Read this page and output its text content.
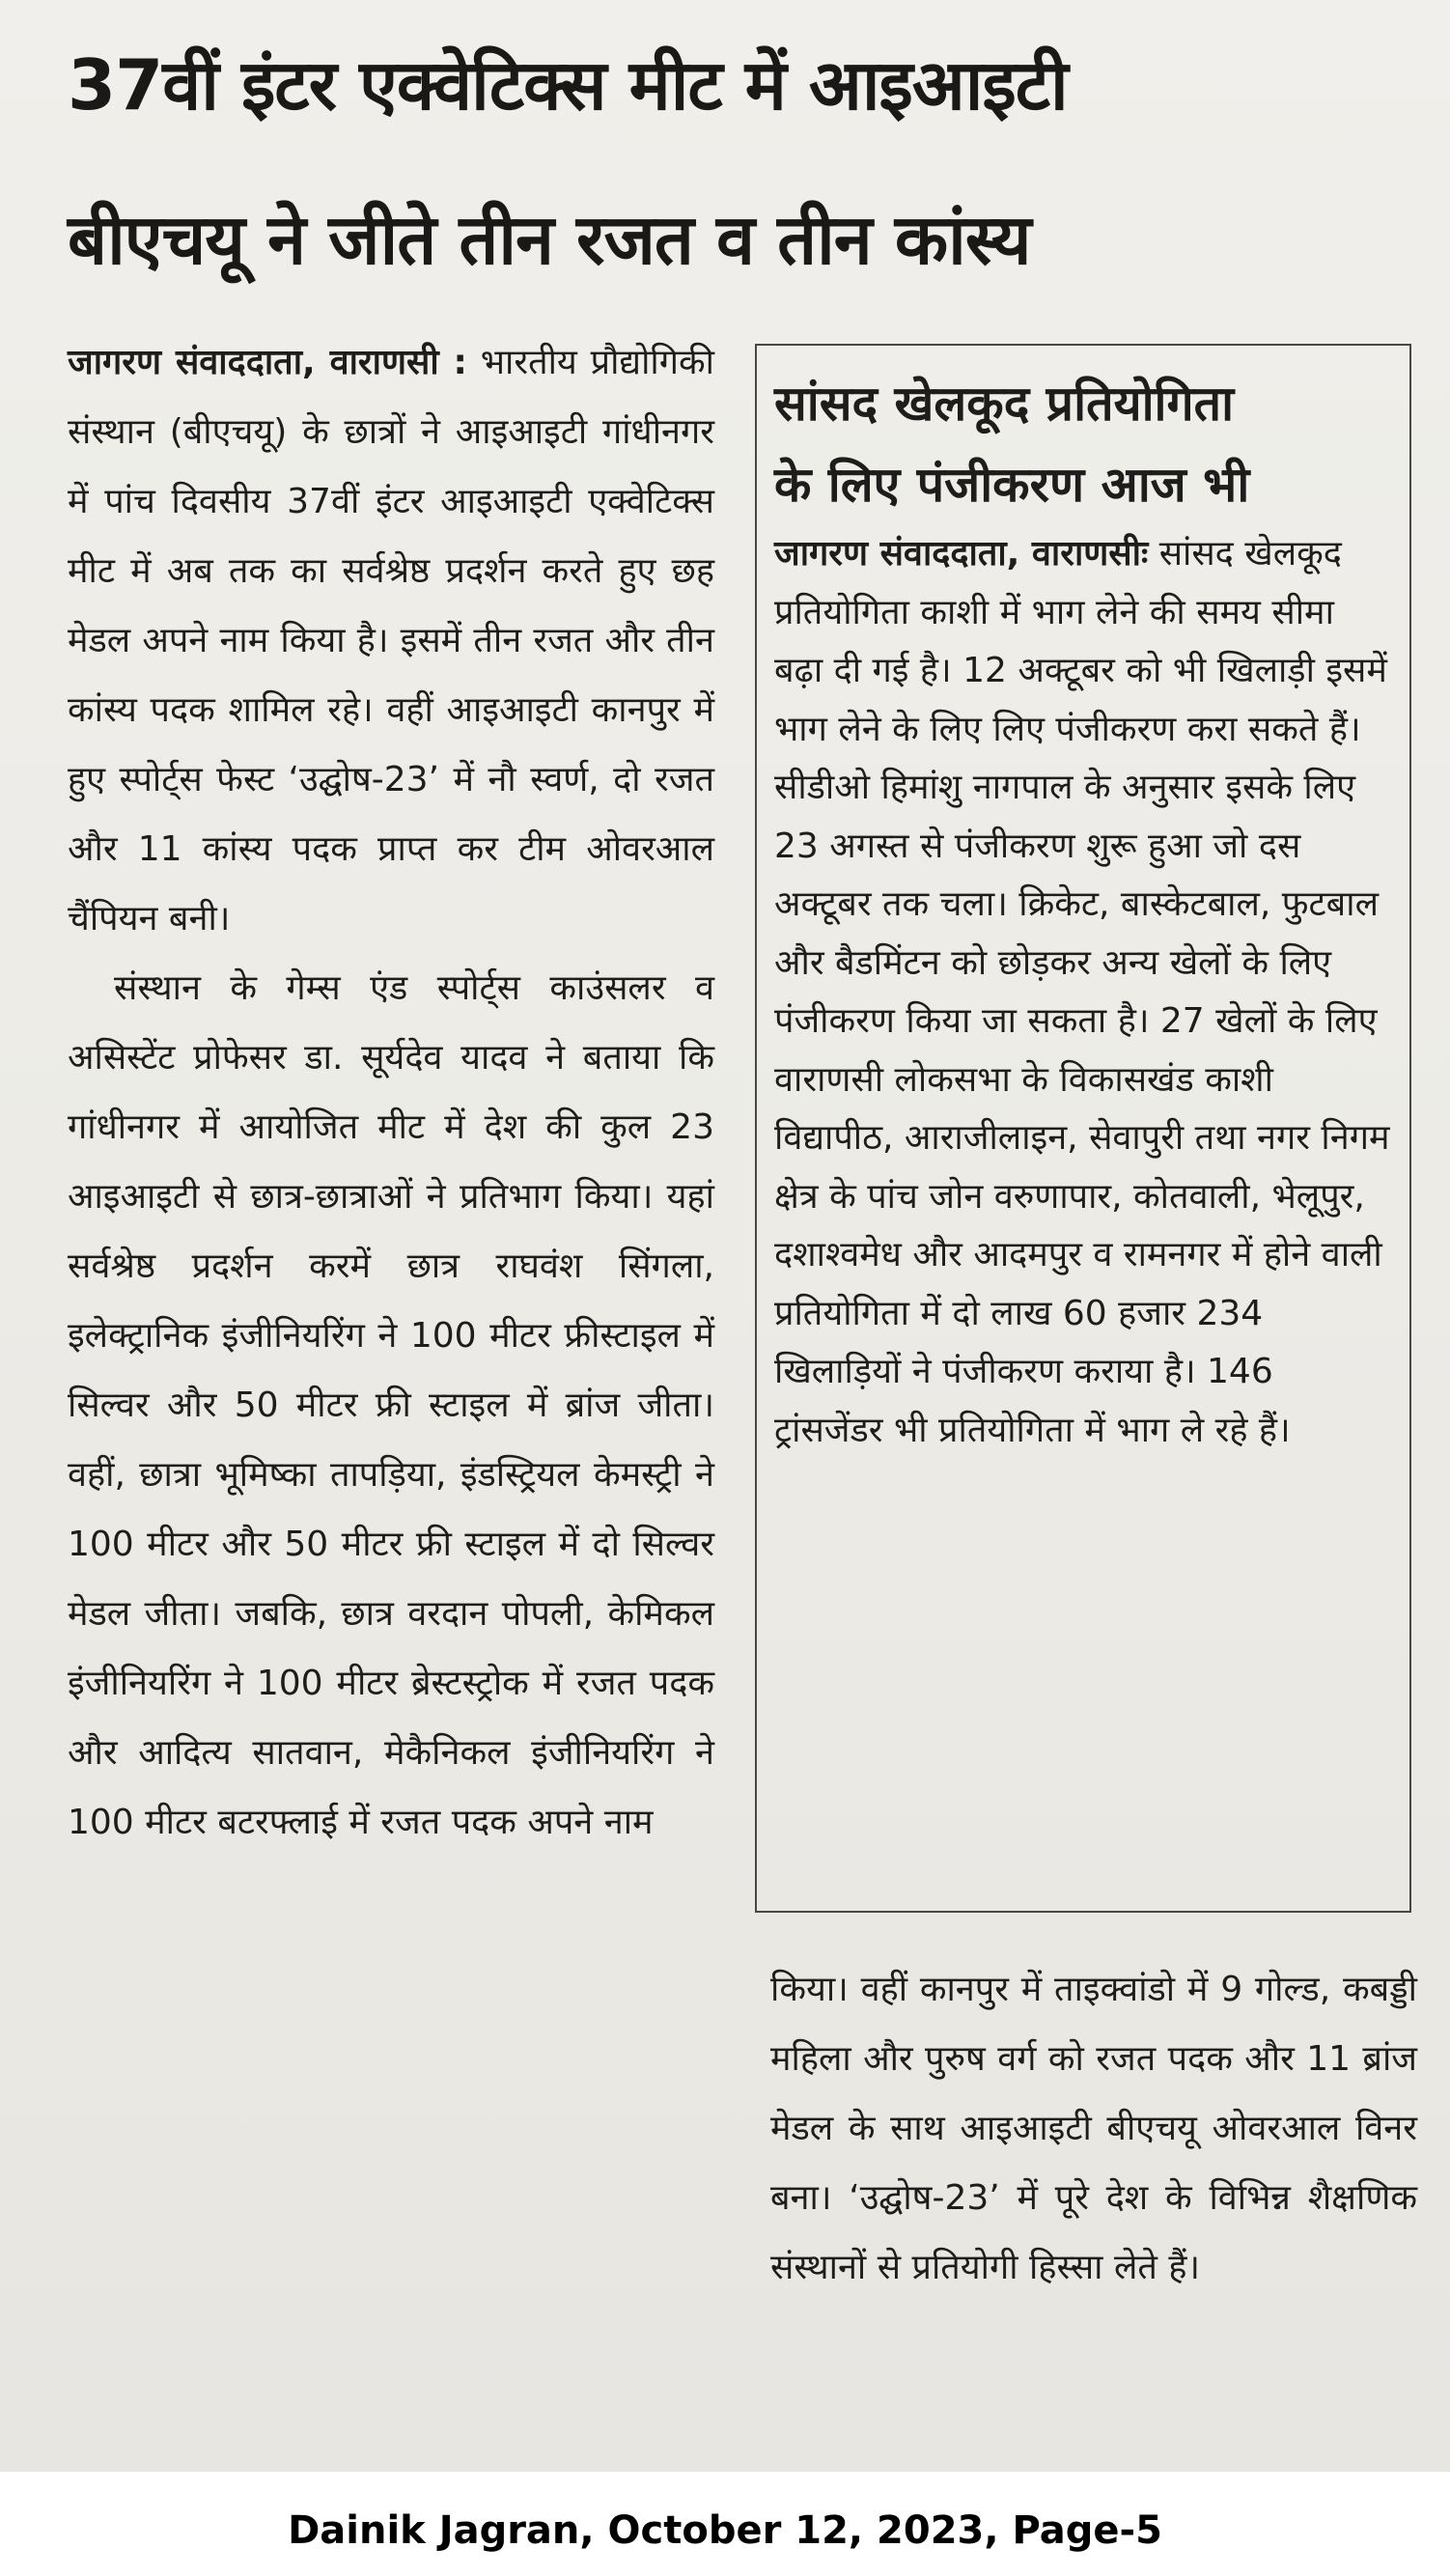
37वीं इंटर एक्वेटिक्स मीट में आइआइटी
बीएचयू ने जीते तीन रजत व तीन कांस्य

जागरण संवाददाता, वाराणसी : भारतीय प्रौद्योगिकी संस्थान (बीएचयू) के छात्रों ने आइआइटी गांधीनगर में पांच दिवसीय 37वीं इंटर आइआइटी एक्वेटिक्स मीट में अब तक का सर्वश्रेष्ठ प्रदर्शन करते हुए छह मेडल अपने नाम किया है। इसमें तीन रजत और तीन कांस्य पदक शामिल रहे। वहीं आइआइटी कानपुर में हुए स्पोर्ट्स फेस्ट ‘उद्घोष-23’ में नौ स्वर्ण, दो रजत और 11 कांस्य पदक प्राप्त कर टीम ओवरआल चैंपियन बनी।

संस्थान के गेम्स एंड स्पोर्ट्स काउंसलर व असिस्टेंट प्रोफेसर डा. सूर्यदेव यादव ने बताया कि गांधीनगर में आयोजित मीट में देश की कुल 23 आइआइटी से छात्र-छात्राओं ने प्रतिभाग किया। यहां सर्वश्रेष्ठ प्रदर्शन करमें छात्र राघवंश सिंगला, इलेक्ट्रानिक इंजीनियरिंग ने 100 मीटर फ्रीस्टाइल में सिल्वर और 50 मीटर फ्री स्टाइल में ब्रांज जीता। वहीं, छात्रा भूमिष्का तापड़िया, इंडस्ट्रियल केमस्ट्री ने 100 मीटर और 50 मीटर फ्री स्टाइल में दो सिल्वर मेडल जीता। जबकि, छात्र वरदान पोपली, केमिकल इंजीनियरिंग ने 100 मीटर ब्रेस्टस्ट्रोक में रजत पदक और आदित्य सातवान, मेकैनिकल इंजीनियरिंग ने 100 मीटर बटरफ्लाई में रजत पदक अपने नाम

सांसद खेलकूद प्रतियोगिता

के लिए पंजीकरण आज भी

जागरण संवाददाता, वाराणसीः सांसद खेलकूद प्रतियोगिता काशी में भाग लेने की समय सीमा बढ़ा दी गई है। 12 अक्टूबर को भी खिलाड़ी इसमें भाग लेने के लिए लिए पंजीकरण करा सकते हैं। सीडीओ हिमांशु नागपाल के अनुसार इसके लिए 23 अगस्त से पंजीकरण शुरू हुआ जो दस अक्टूबर तक चला। क्रिकेट, बास्केटबाल, फुटबाल और बैडमिंटन को छोड़कर अन्य खेलों के लिए पंजीकरण किया जा सकता है। 27 खेलों के लिए वाराणसी लोकसभा के विकासखंड काशी विद्यापीठ, आराजीलाइन, सेवापुरी तथा नगर निगम क्षेत्र के पांच जोन वरुणापार, कोतवाली, भेलूपुर, दशाश्वमेध और आदमपुर व रामनगर में होने वाली प्रतियोगिता में दो लाख 60 हजार 234 खिलाड़ियों ने पंजीकरण कराया है। 146 ट्रांसजेंडर भी प्रतियोगिता में भाग ले रहे हैं।

किया। वहीं कानपुर में ताइक्वांडो में 9 गोल्ड, कबड्डी महिला और पुरुष वर्ग को रजत पदक और 11 ब्रांज मेडल के साथ आइआइटी बीएचयू ओवरआल विनर बना। ‘उद्घोष-23’ में पूरे देश के विभिन्न शैक्षणिक संस्थानों से प्रतियोगी हिस्सा लेते हैं।

Dainik Jagran, October 12, 2023, Page-5
